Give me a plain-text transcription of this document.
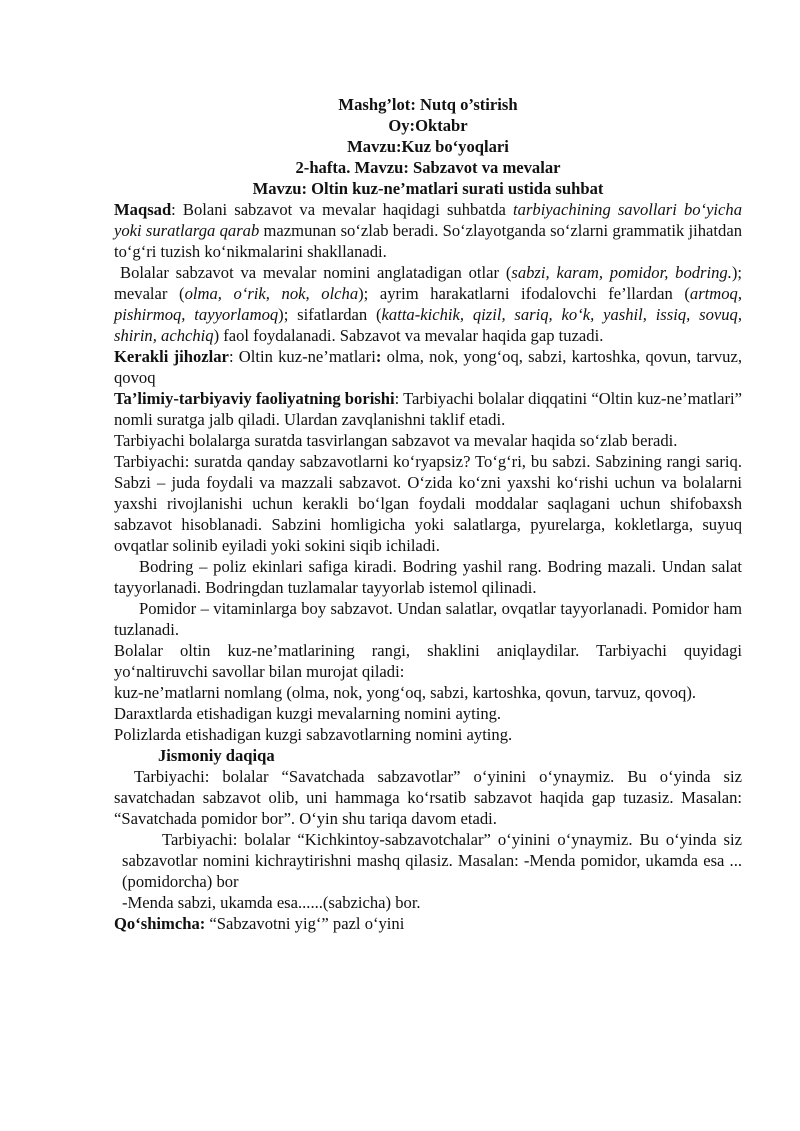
Mashg’lot: Nutq o’stirish

Oy:Oktabr

Mavzu:Kuz bo‘yoqlari

2-hafta. Mavzu: Sabzavot va mevalar

Mavzu: Oltin kuz-ne’matlari surati ustida suhbat

Maqsad: Bolani sabzavot va mevalar haqidagi suhbatda tarbiyachining savollari bo‘yicha yoki suratlarga qarab mazmunan so‘zlab beradi. So‘zlayotganda so‘zlarni grammatik jihatdan to‘g‘ri tuzish ko‘nikmalarini shakllanadi.

Bolalar sabzavot va mevalar nomini anglatadigan otlar (sabzi, karam, pomidor, bodring.); mevalar (olma, o‘rik, nok, olcha); ayrim harakatlarni ifodalovchi fe’llardan (artmoq, pishirmoq, tayyorlamoq); sifatlardan (katta-kichik, qizil, sariq, ko‘k, yashil, issiq, sovuq, shirin, achchiq) faol foydalanadi. Sabzavot va mevalar haqida gap tuzadi.

Kerakli jihozlar: Oltin kuz-ne’matlari: olma, nok, yong‘oq, sabzi, kartoshka, qovun, tarvuz, qovoq

Ta’limiy-tarbiyaviy faoliyatning borishi: Tarbiyachi bolalar diqqatini “Oltin kuz-ne’matlari” nomli suratga jalb qiladi. Ulardan zavqlanishni taklif etadi.

Tarbiyachi bolalarga suratda tasvirlangan sabzavot va mevalar haqida so‘zlab beradi.

Tarbiyachi: suratda qanday sabzavotlarni ko‘ryapsiz? To‘g‘ri, bu sabzi. Sabzining rangi sariq. Sabzi – juda foydali va mazzali sabzavot. O‘zida ko‘zni yaxshi ko‘rishi uchun va bolalarni yaxshi rivojlanishi uchun kerakli bo‘lgan foydali moddalar saqlagani uchun shifobaxsh sabzavot hisoblanadi. Sabzini homligicha yoki salatlarga, pyurelarga, kokletlarga, suyuq ovqatlar solinib eyiladi yoki sokini siqib ichiladi.

Bodring – poliz ekinlari safiga kiradi. Bodring yashil rang. Bodring mazali. Undan salat tayyorlanadi. Bodringdan tuzlamalar tayyorlab istemol qilinadi.

Pomidor – vitaminlarga boy sabzavot. Undan salatlar, ovqatlar tayyorlanadi. Pomidor ham tuzlanadi.

Bolalar oltin kuz-ne’matlarining rangi, shaklini aniqlaydilar. Tarbiyachi quyidagi yo‘naltiruvchi savollar bilan murojat qiladi:

kuz-ne’matlarni nomlang (olma, nok, yong‘oq, sabzi, kartoshka, qovun, tarvuz, qovoq).

Daraxtlarda etishadigan kuzgi mevalarning nomini ayting.

Polizlarda etishadigan kuzgi sabzavotlarning nomini ayting.

Jismoniy daqiqa

Tarbiyachi: bolalar “Savatchada sabzavotlar” o‘yinini o‘ynaymiz. Bu o‘yinda siz savatchadan sabzavot olib, uni hammaga ko‘rsatib sabzavot haqida gap tuzasiz. Masalan: “Savatchada pomidor bor”. O‘yin shu tariqa davom etadi.

Tarbiyachi: bolalar “Kichkintoy-sabzavotchalar” o‘yinini o‘ynaymiz. Bu o‘yinda siz sabzavotlar nomini kichraytirishni mashq qilasiz. Masalan: -Menda pomidor, ukamda esa ... (pomidorcha) bor

-Menda sabzi, ukamda esa......(sabzicha) bor.

Qo‘shimcha: “Sabzavotni yig‘” pazl o‘yini
